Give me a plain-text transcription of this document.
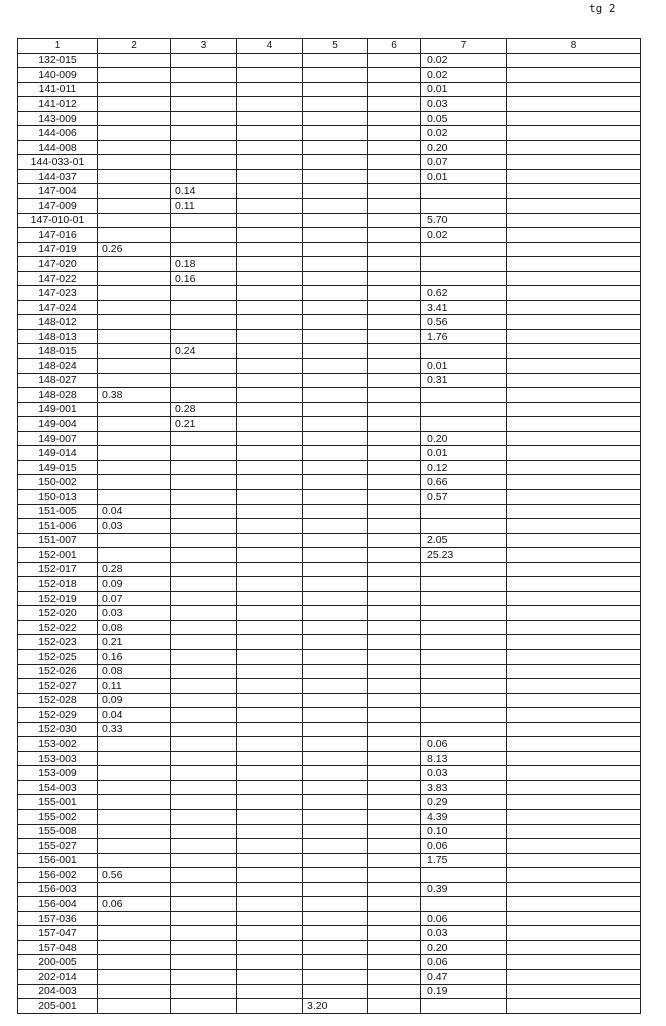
tg 2
1	2	3	4	5	6	7	8
132-015						0.02	
140-009						0.02	
141-011						0.01	
141-012						0.03	
143-009						0.05	
144-006						0.02	
144-008						0.20	
144-033-01						0.07	
144-037						0.01	
147-004		0.14					
147-009		0.11					
147-010-01						5.70	
147-016						0.02	
147-019	0.26						
147-020		0.18					
147-022		0.16					
147-023						0.62	
147-024						3.41	
148-012						0.56	
148-013						1.76	
148-015		0.24					
148-024						0.01	
148-027						0.31	
148-028	0.38						
149-001		0.28					
149-004		0.21					
149-007						0.20	
149-014						0.01	
149-015						0.12	
150-002						0.66	
150-013						0.57	
151-005	0.04						
151-006	0.03						
151-007						2.05	
152-001						25.23	
152-017	0.28						
152-018	0.09						
152-019	0.07						
152-020	0.03						
152-022	0.08						
152-023	0.21						
152-025	0.16						
152-026	0.08						
152-027	0.11						
152-028	0.09						
152-029	0.04						
152-030	0.33						
153-002						0.06	
153-003						8.13	
153-009						0.03	
154-003						3.83	
155-001						0.29	
155-002						4.39	
155-008						0.10	
155-027						0.06	
156-001						1.75	
156-002	0.56						
156-003						0.39	
156-004	0.06						
157-036						0.06	
157-047						0.03	
157-048						0.20	
200-005						0.06	
202-014						0.47	
204-003						0.19	
205-001				3.20			
